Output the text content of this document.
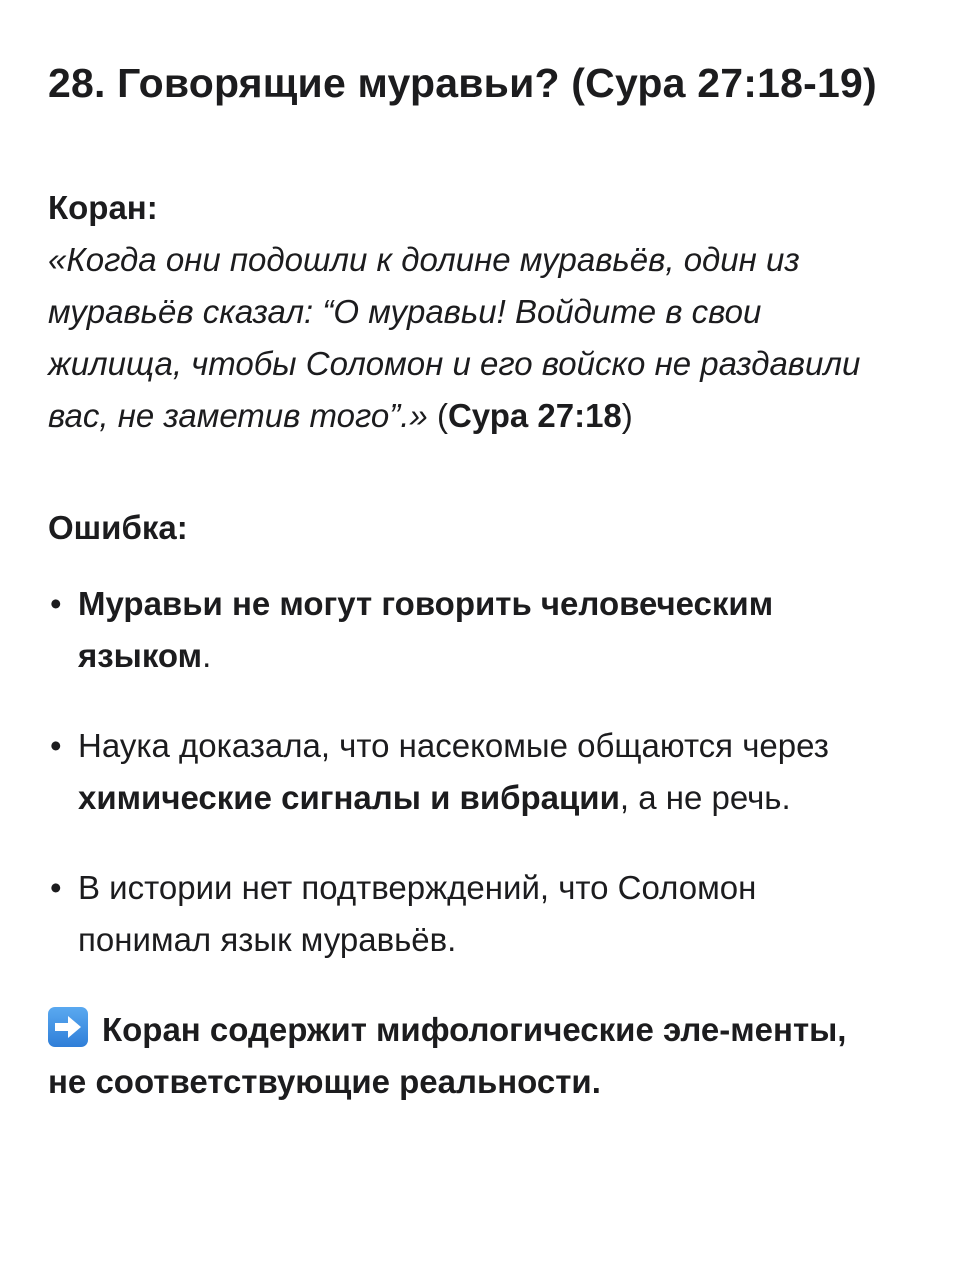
28. Говорящие муравьи? (Сура 27:18-19)
Коран:

«Когда они подошли к долине муравьёв, один из муравьёв сказал: “О муравьи! Войдите в свои жилища, чтобы Соломон и его войско не раздавили вас, не заметив того”.» (Сура 27:18)

Ошибка:
• Муравьи не могут говорить человеческим языком.
• Наука доказала, что насекомые общаются через химические сигналы и вибрации, а не речь.
• В истории нет подтверждений, что Соломон понимал язык муравьёв.

Коран содержит мифологические эле-менты, не соответствующие реальности.
